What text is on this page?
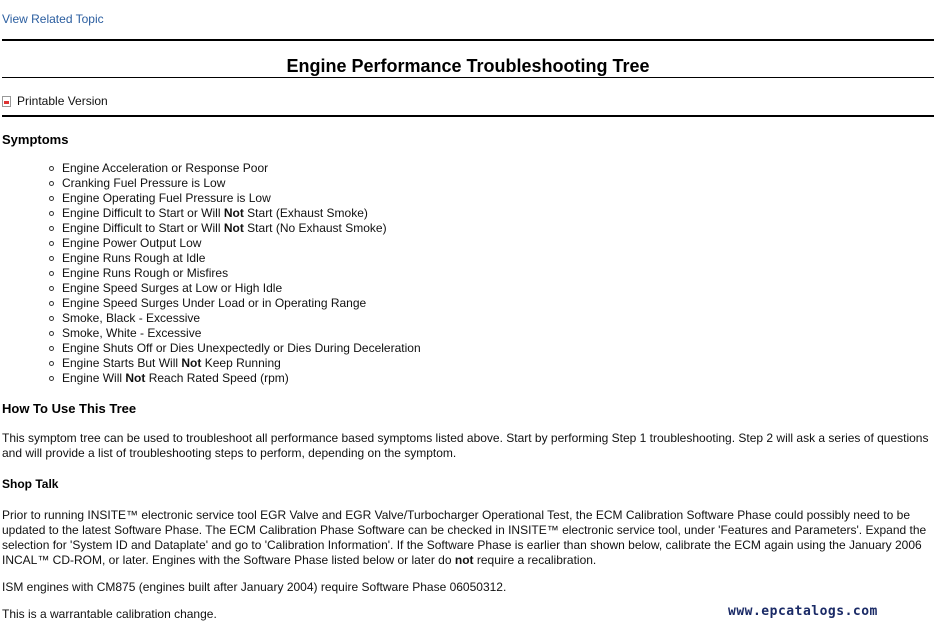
View Related Topic
Engine Performance Troubleshooting Tree
Printable Version
Symptoms
Engine Acceleration or Response Poor
Cranking Fuel Pressure is Low
Engine Operating Fuel Pressure is Low
Engine Difficult to Start or Will Not Start (Exhaust Smoke)
Engine Difficult to Start or Will Not Start (No Exhaust Smoke)
Engine Power Output Low
Engine Runs Rough at Idle
Engine Runs Rough or Misfires
Engine Speed Surges at Low or High Idle
Engine Speed Surges Under Load or in Operating Range
Smoke, Black - Excessive
Smoke, White - Excessive
Engine Shuts Off or Dies Unexpectedly or Dies During Deceleration
Engine Starts But Will Not Keep Running
Engine Will Not Reach Rated Speed (rpm)
How To Use This Tree

This symptom tree can be used to troubleshoot all performance based symptoms listed above. Start by performing Step 1 troubleshooting. Step 2 will ask a series of questions and will provide a list of troubleshooting steps to perform, depending on the symptom.

Shop Talk

Prior to running INSITE™ electronic service tool EGR Valve and EGR Valve/Turbocharger Operational Test, the ECM Calibration Software Phase could possibly need to be updated to the latest Software Phase. The ECM Calibration Phase Software can be checked in INSITE™ electronic service tool, under 'Features and Parameters'. Expand the selection for 'System ID and Dataplate' and go to 'Calibration Information'. If the Software Phase is earlier than shown below, calibrate the ECM again using the January 2006 INCAL™ CD-ROM, or later. Engines with the Software Phase listed below or later do not require a recalibration.

ISM engines with CM875 (engines built after January 2004) require Software Phase 06050312.

This is a warrantable calibration change.	www.epcatalogs.com
